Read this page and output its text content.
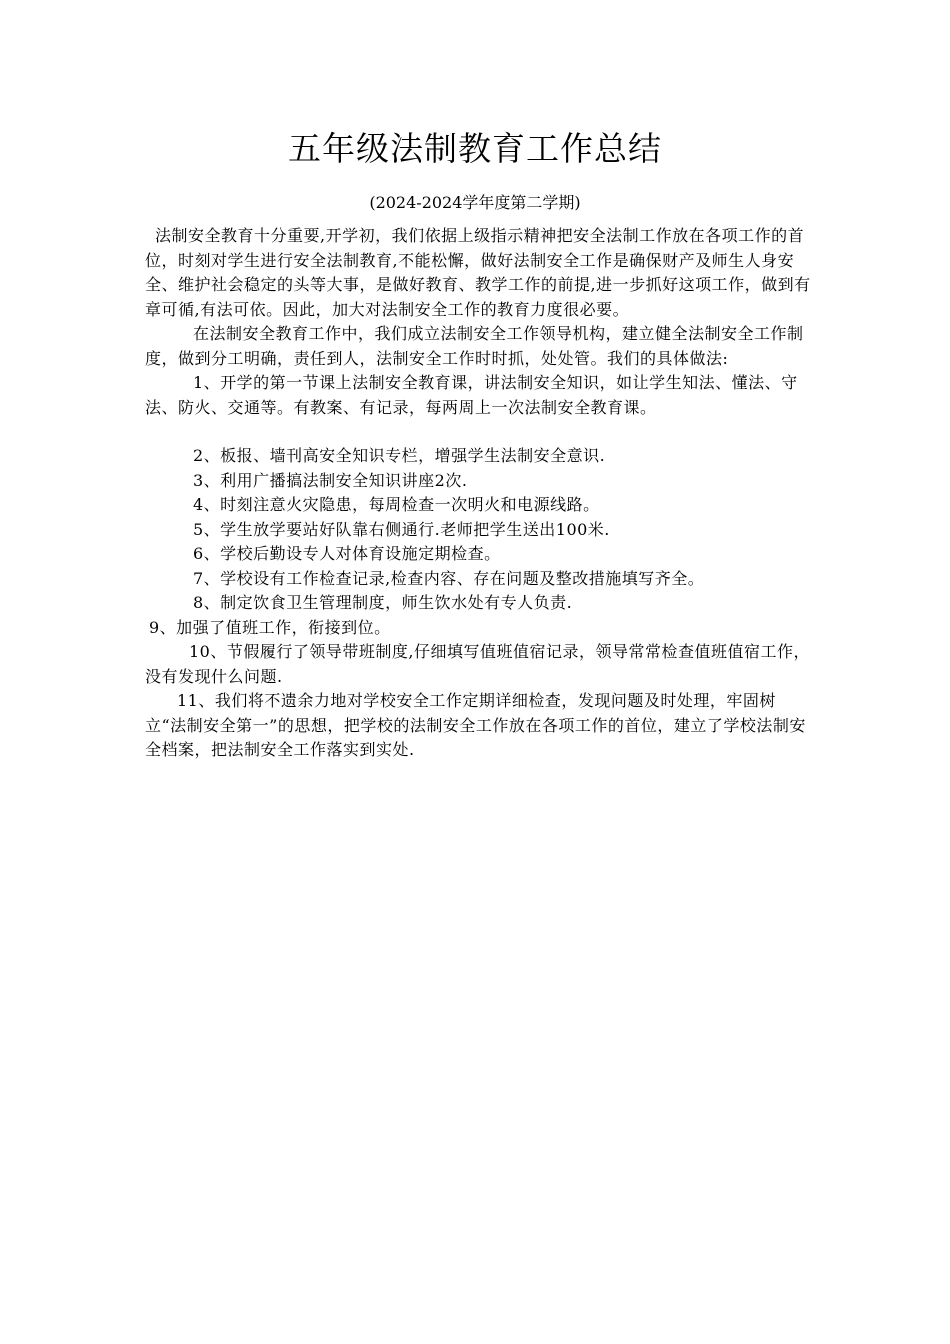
五年级法制教育工作总结
(2024-2024学年度第二学期)

法制安全教育十分重要,开学初，我们依据上级指示精神把安全法制工作放在各项工作的首位，时刻对学生进行安全法制教育,不能松懈，做好法制安全工作是确保财产及师生人身安全、维护社会稳定的头等大事，是做好教育、教学工作的前提,进一步抓好这项工作，做到有章可循,有法可依。因此，加大对法制安全工作的教育力度很必要。

在法制安全教育工作中，我们成立法制安全工作领导机构，建立健全法制安全工作制度，做到分工明确，责任到人，法制安全工作时时抓，处处管。我们的具体做法:

1、开学的第一节课上法制安全教育课，讲法制安全知识，如让学生知法、懂法、守法、防火、交通等。有教案、有记录，每两周上一次法制安全教育课。

2、板报、墙刊高安全知识专栏，增强学生法制安全意识.

3、利用广播搞法制安全知识讲座2次.

4、时刻注意火灾隐患，每周检查一次明火和电源线路。

5、学生放学要站好队靠右侧通行.老师把学生送出100米.

6、学校后勤设专人对体育设施定期检查。

7、学校设有工作检查记录,检查内容、存在问题及整改措施填写齐全。

8、制定饮食卫生管理制度，师生饮水处有专人负责.

9、加强了值班工作，衔接到位。

10、节假履行了领导带班制度,仔细填写值班值宿记录，领导常常检查值班值宿工作，没有发现什么问题.

11、我们将不遗余力地对学校安全工作定期详细检查，发现问题及时处理，牢固树立“法制安全第一”的思想，把学校的法制安全工作放在各项工作的首位，建立了学校法制安全档案，把法制安全工作落实到实处.
